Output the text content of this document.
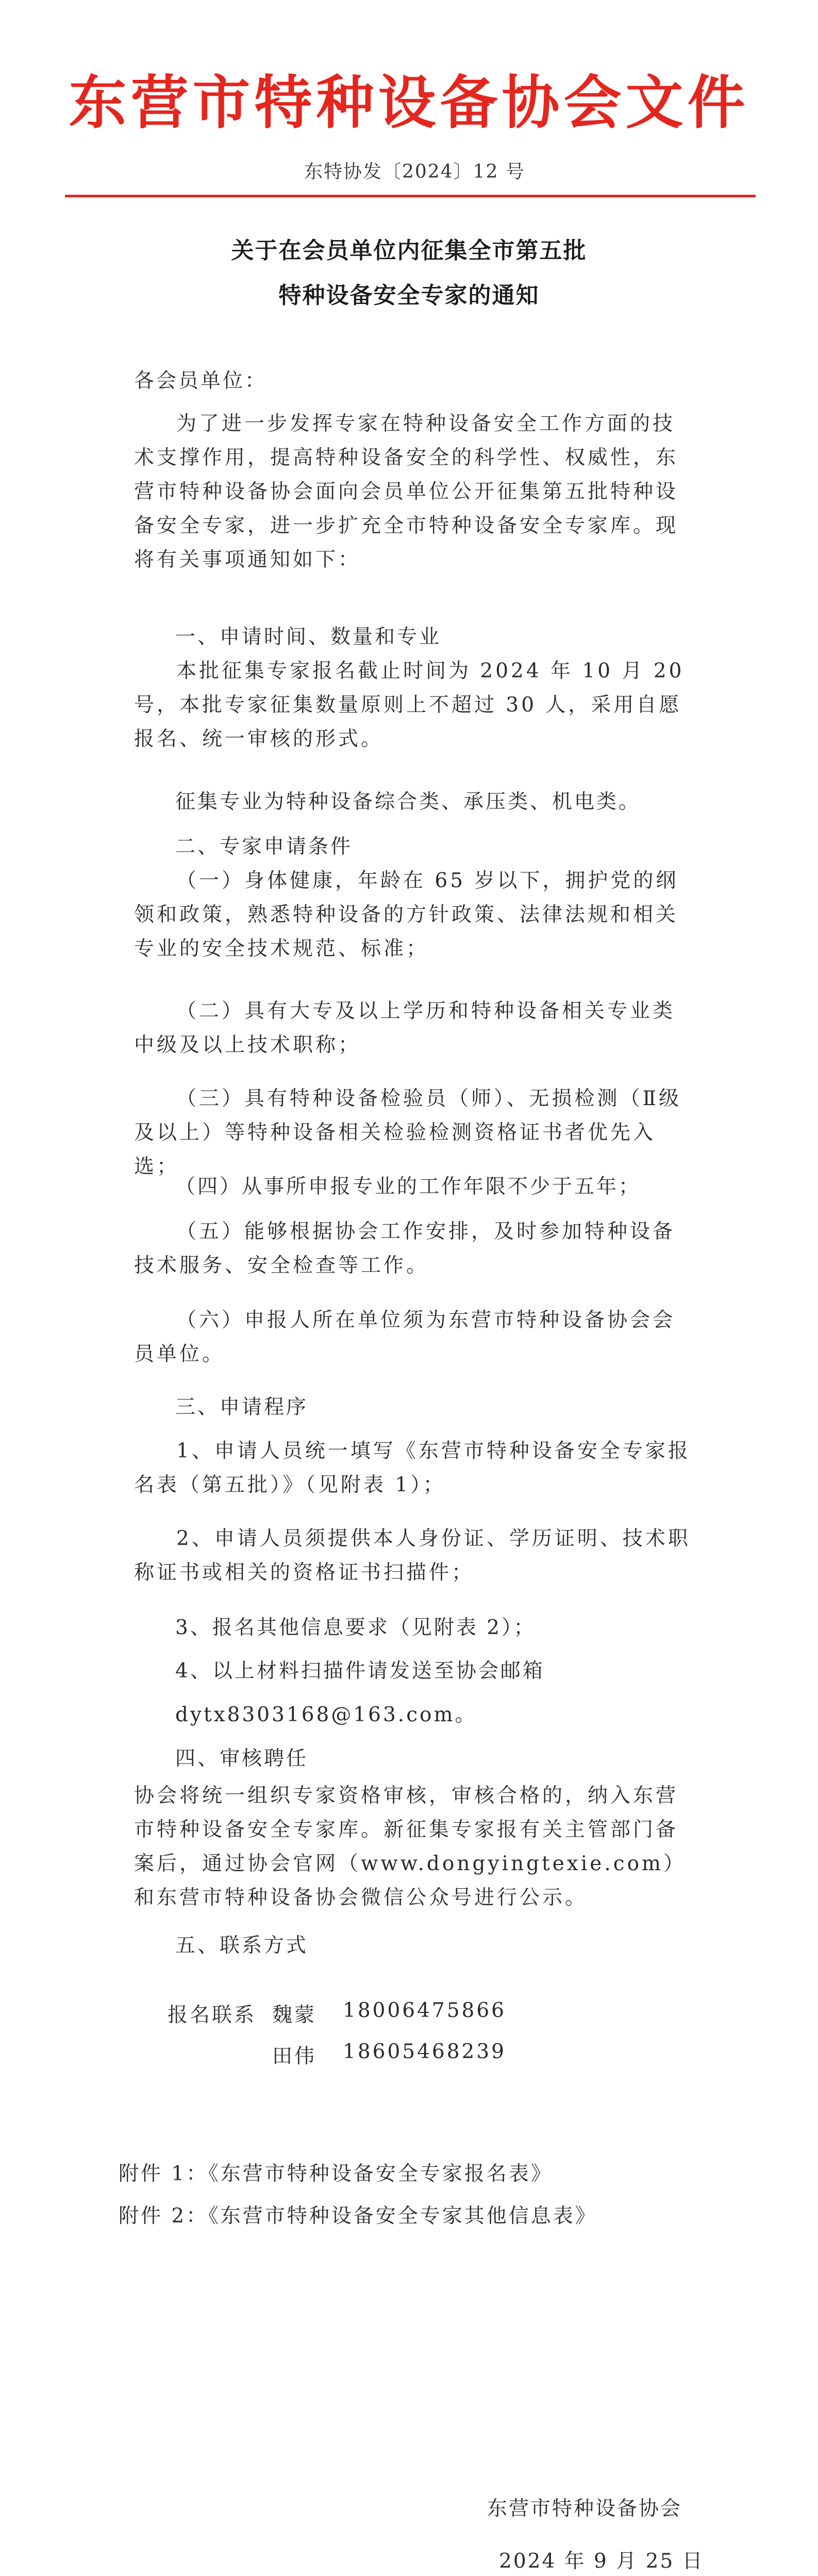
东营市特种设备协会文件
东特协发〔2024〕12 号
关于在会员单位内征集全市第五批
特种设备安全专家的通知
各会员单位：

为了进一步发挥专家在特种设备安全工作方面的技术支撑作用，提高特种设备安全的科学性、权威性，东营市特种设备协会面向会员单位公开征集第五批特种设备安全专家，进一步扩充全市特种设备安全专家库。现将有关事项通知如下：

一、申请时间、数量和专业

本批征集专家报名截止时间为 2024 年 10 月 20 号，本批专家征集数量原则上不超过 30 人，采用自愿报名、统一审核的形式。

征集专业为特种设备综合类、承压类、机电类。
二、专家申请条件

（一）身体健康，年龄在 65 岁以下，拥护党的纲领和政策，熟悉特种设备的方针政策、法律法规和相关专业的安全技术规范、标准；

（二）具有大专及以上学历和特种设备相关专业类中级及以上技术职称；

（三）具有特种设备检验员（师）、无损检测（Ⅱ级及以上）等特种设备相关检验检测资格证书者优先入选；

（四）从事所申报专业的工作年限不少于五年；

（五）能够根据协会工作安排，及时参加特种设备技术服务、安全检查等工作。

（六）申报人所在单位须为东营市特种设备协会会员单位。

三、申请程序

1、申请人员统一填写《东营市特种设备安全专家报名表（第五批）》（见附表 1）；

2、申请人员须提供本人身份证、学历证明、技术职称证书或相关的资格证书扫描件；

3、报名其他信息要求（见附表 2）；
4、以上材料扫描件请发送至协会邮箱
dytx8303168@163.com。
四、审核聘任

协会将统一组织专家资格审核，审核合格的，纳入东营市特种设备安全专家库。新征集专家报有关主管部门备案后，通过协会官网（www.dongyingtexie.com）和东营市特种设备协会微信公众号进行公示。

五、联系方式
报名联系 魏蒙 18006475866
田伟 18605468239
附件 1：《东营市特种设备安全专家报名表》
附件 2：《东营市特种设备安全专家其他信息表》
东营市特种设备协会
2024 年 9 月 25 日
